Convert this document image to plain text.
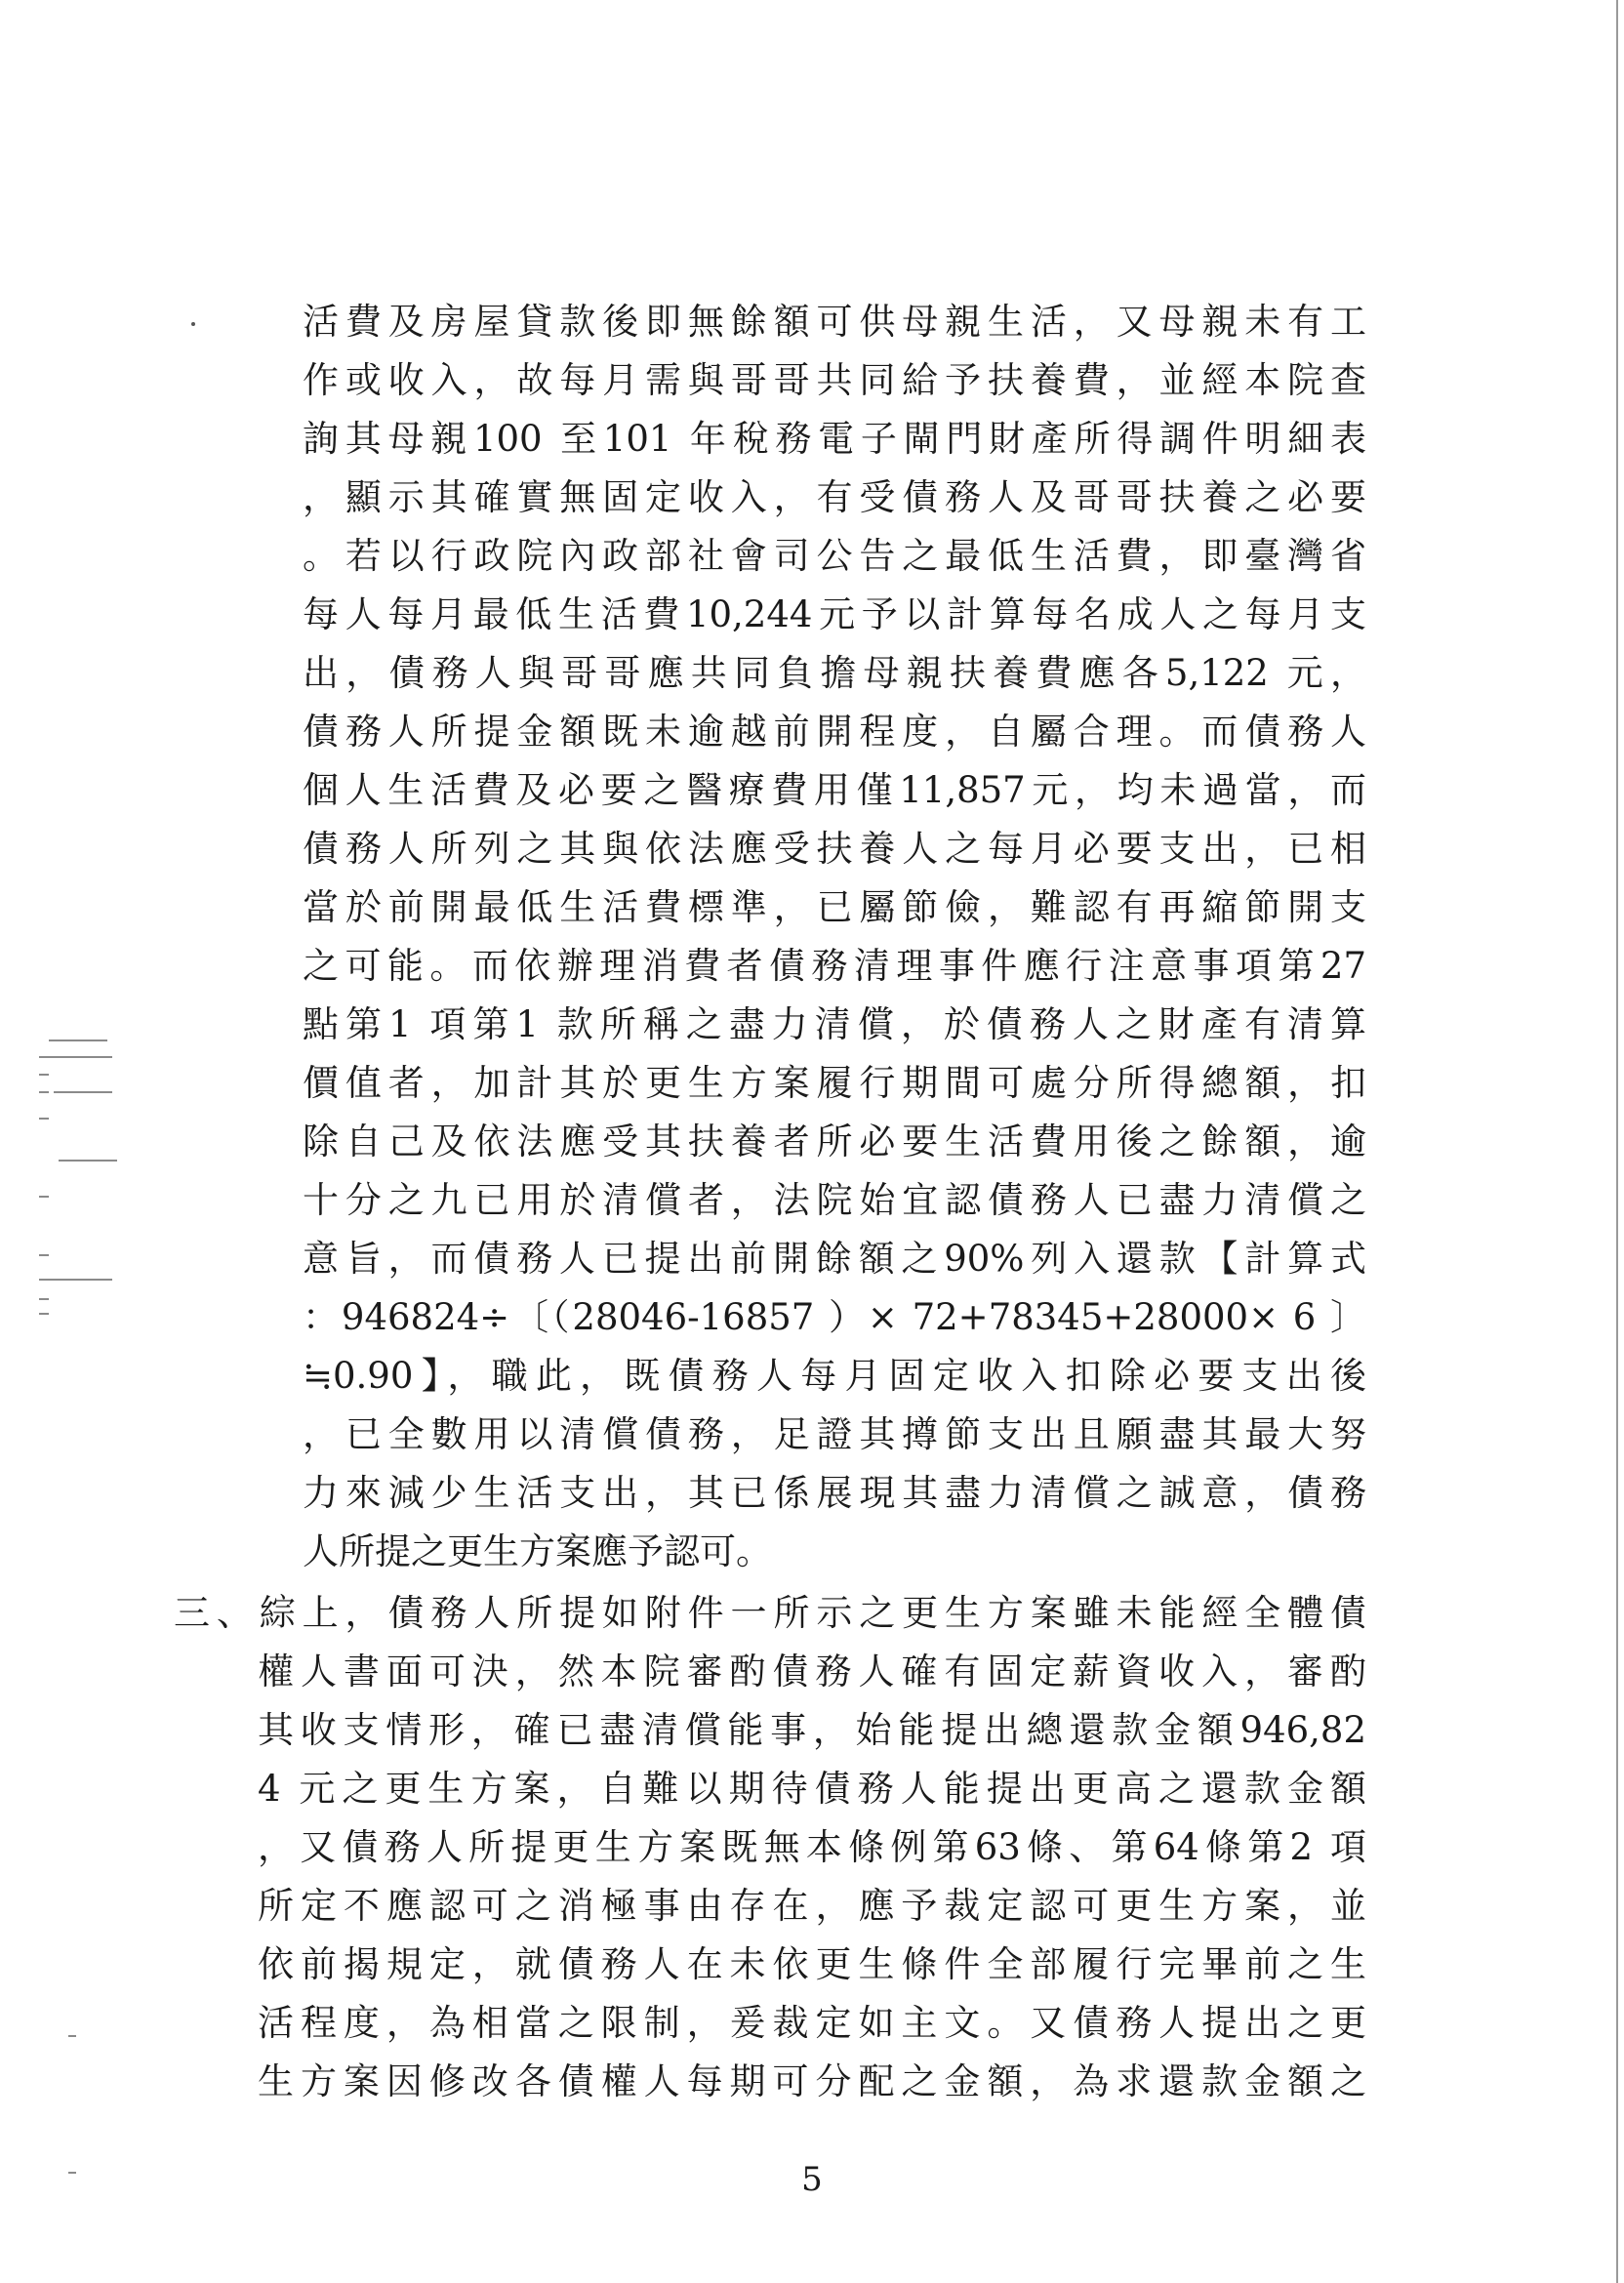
活費及房屋貸款後即無餘額可供母親生活，又母親未有工

作或收入，故每月需與哥哥共同給予扶養費，並經本院查

詢其母親100 至101 年稅務電子閘門財產所得調件明細表

，顯示其確實無固定收入，有受債務人及哥哥扶養之必要

。若以行政院內政部社會司公告之最低生活費，即臺灣省

每人每月最低生活費10,244元予以計算每名成人之每月支

出，債務人與哥哥應共同負擔母親扶養費應各5,122 元，

債務人所提金額既未逾越前開程度，自屬合理。而債務人

個人生活費及必要之醫療費用僅11,857元，均未過當，而

債務人所列之其與依法應受扶養人之每月必要支出，已相

當於前開最低生活費標準，已屬節儉，難認有再縮節開支

之可能。而依辦理消費者債務清理事件應行注意事項第27

點第1 項第1 款所稱之盡力清償，於債務人之財產有清算

價值者，加計其於更生方案履行期間可處分所得總額，扣

除自己及依法應受其扶養者所必要生活費用後之餘額，逾

十分之九已用於清償者，法院始宜認債務人已盡力清償之

意旨，而債務人已提出前開餘額之90%列入還款【計算式

：946824÷〔（28046-16857 ）× 72+78345+28000× 6 〕

≒0.90】，職此，既債務人每月固定收入扣除必要支出後

，已全數用以清償債務，足證其撙節支出且願盡其最大努

力來減少生活支出，其已係展現其盡力清償之誠意，債務

人所提之更生方案應予認可。

三、綜上，債務人所提如附件一所示之更生方案雖未能經全體債

權人書面可決，然本院審酌債務人確有固定薪資收入，審酌

其收支情形，確已盡清償能事，始能提出總還款金額946,82

4 元之更生方案，自難以期待債務人能提出更高之還款金額

，又債務人所提更生方案既無本條例第63條、第64條第2 項

所定不應認可之消極事由存在，應予裁定認可更生方案，並

依前揭規定，就債務人在未依更生條件全部履行完畢前之生

活程度，為相當之限制，爰裁定如主文。又債務人提出之更

生方案因修改各債權人每期可分配之金額，為求還款金額之

5
